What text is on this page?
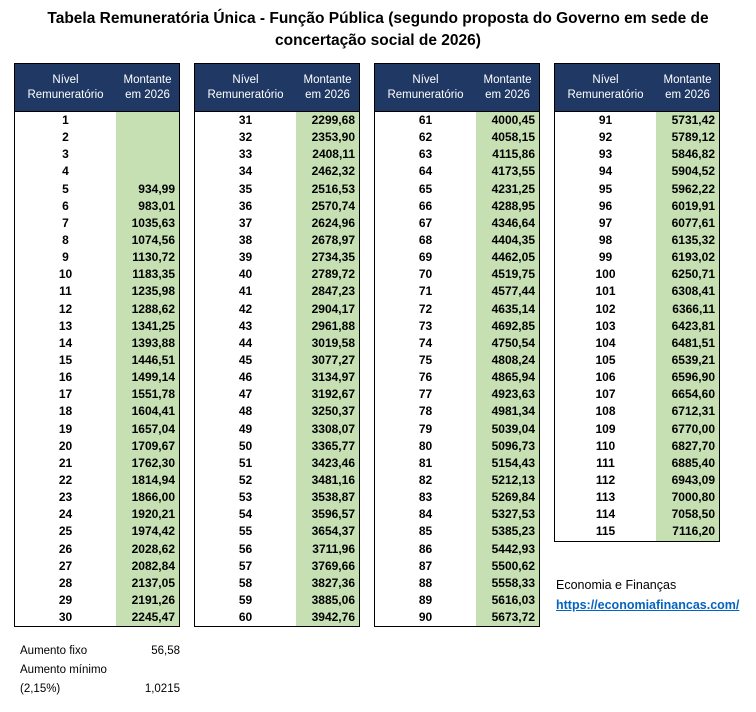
Tabela Remuneratória Única - Função Pública (segundo proposta do Governo em sede de
concertação social de 2026)
Nível Remuneratório
Montante em 2026
1
2
3
4
5	934,99
6	983,01
7	1035,63
8	1074,56
9	1130,72
10	1183,35
11	1235,98
12	1288,62
13	1341,25
14	1393,88
15	1446,51
16	1499,14
17	1551,78
18	1604,41
19	1657,04
20	1709,67
21	1762,30
22	1814,94
23	1866,00
24	1920,21
25	1974,42
26	2028,62
27	2082,84
28	2137,05
29	2191,26
30	2245,47
Nível Remuneratório
Montante em 2026
31	2299,68
32	2353,90
33	2408,11
34	2462,32
35	2516,53
36	2570,74
37	2624,96
38	2678,97
39	2734,35
40	2789,72
41	2847,23
42	2904,17
43	2961,88
44	3019,58
45	3077,27
46	3134,97
47	3192,67
48	3250,37
49	3308,07
50	3365,77
51	3423,46
52	3481,16
53	3538,87
54	3596,57
55	3654,37
56	3711,96
57	3769,66
58	3827,36
59	3885,06
60	3942,76
Nível Remuneratório
Montante em 2026
61	4000,45
62	4058,15
63	4115,86
64	4173,55
65	4231,25
66	4288,95
67	4346,64
68	4404,35
69	4462,05
70	4519,75
71	4577,44
72	4635,14
73	4692,85
74	4750,54
75	4808,24
76	4865,94
77	4923,63
78	4981,34
79	5039,04
80	5096,73
81	5154,43
82	5212,13
83	5269,84
84	5327,53
85	5385,23
86	5442,93
87	5500,62
88	5558,33
89	5616,03
90	5673,72
Nível Remuneratório
Montante em 2026
91	5731,42
92	5789,12
93	5846,82
94	5904,52
95	5962,22
96	6019,91
97	6077,61
98	6135,32
99	6193,02
100	6250,71
101	6308,41
102	6366,11
103	6423,81
104	6481,51
105	6539,21
106	6596,90
107	6654,60
108	6712,31
109	6770,00
110	6827,70
111	6885,40
112	6943,09
113	7000,80
114	7058,50
115	7116,20
Economia e Finanças
https://economiafinancas.com/
Aumento fixo	56,58
Aumento mínimo
(2,15%)	1,0215
